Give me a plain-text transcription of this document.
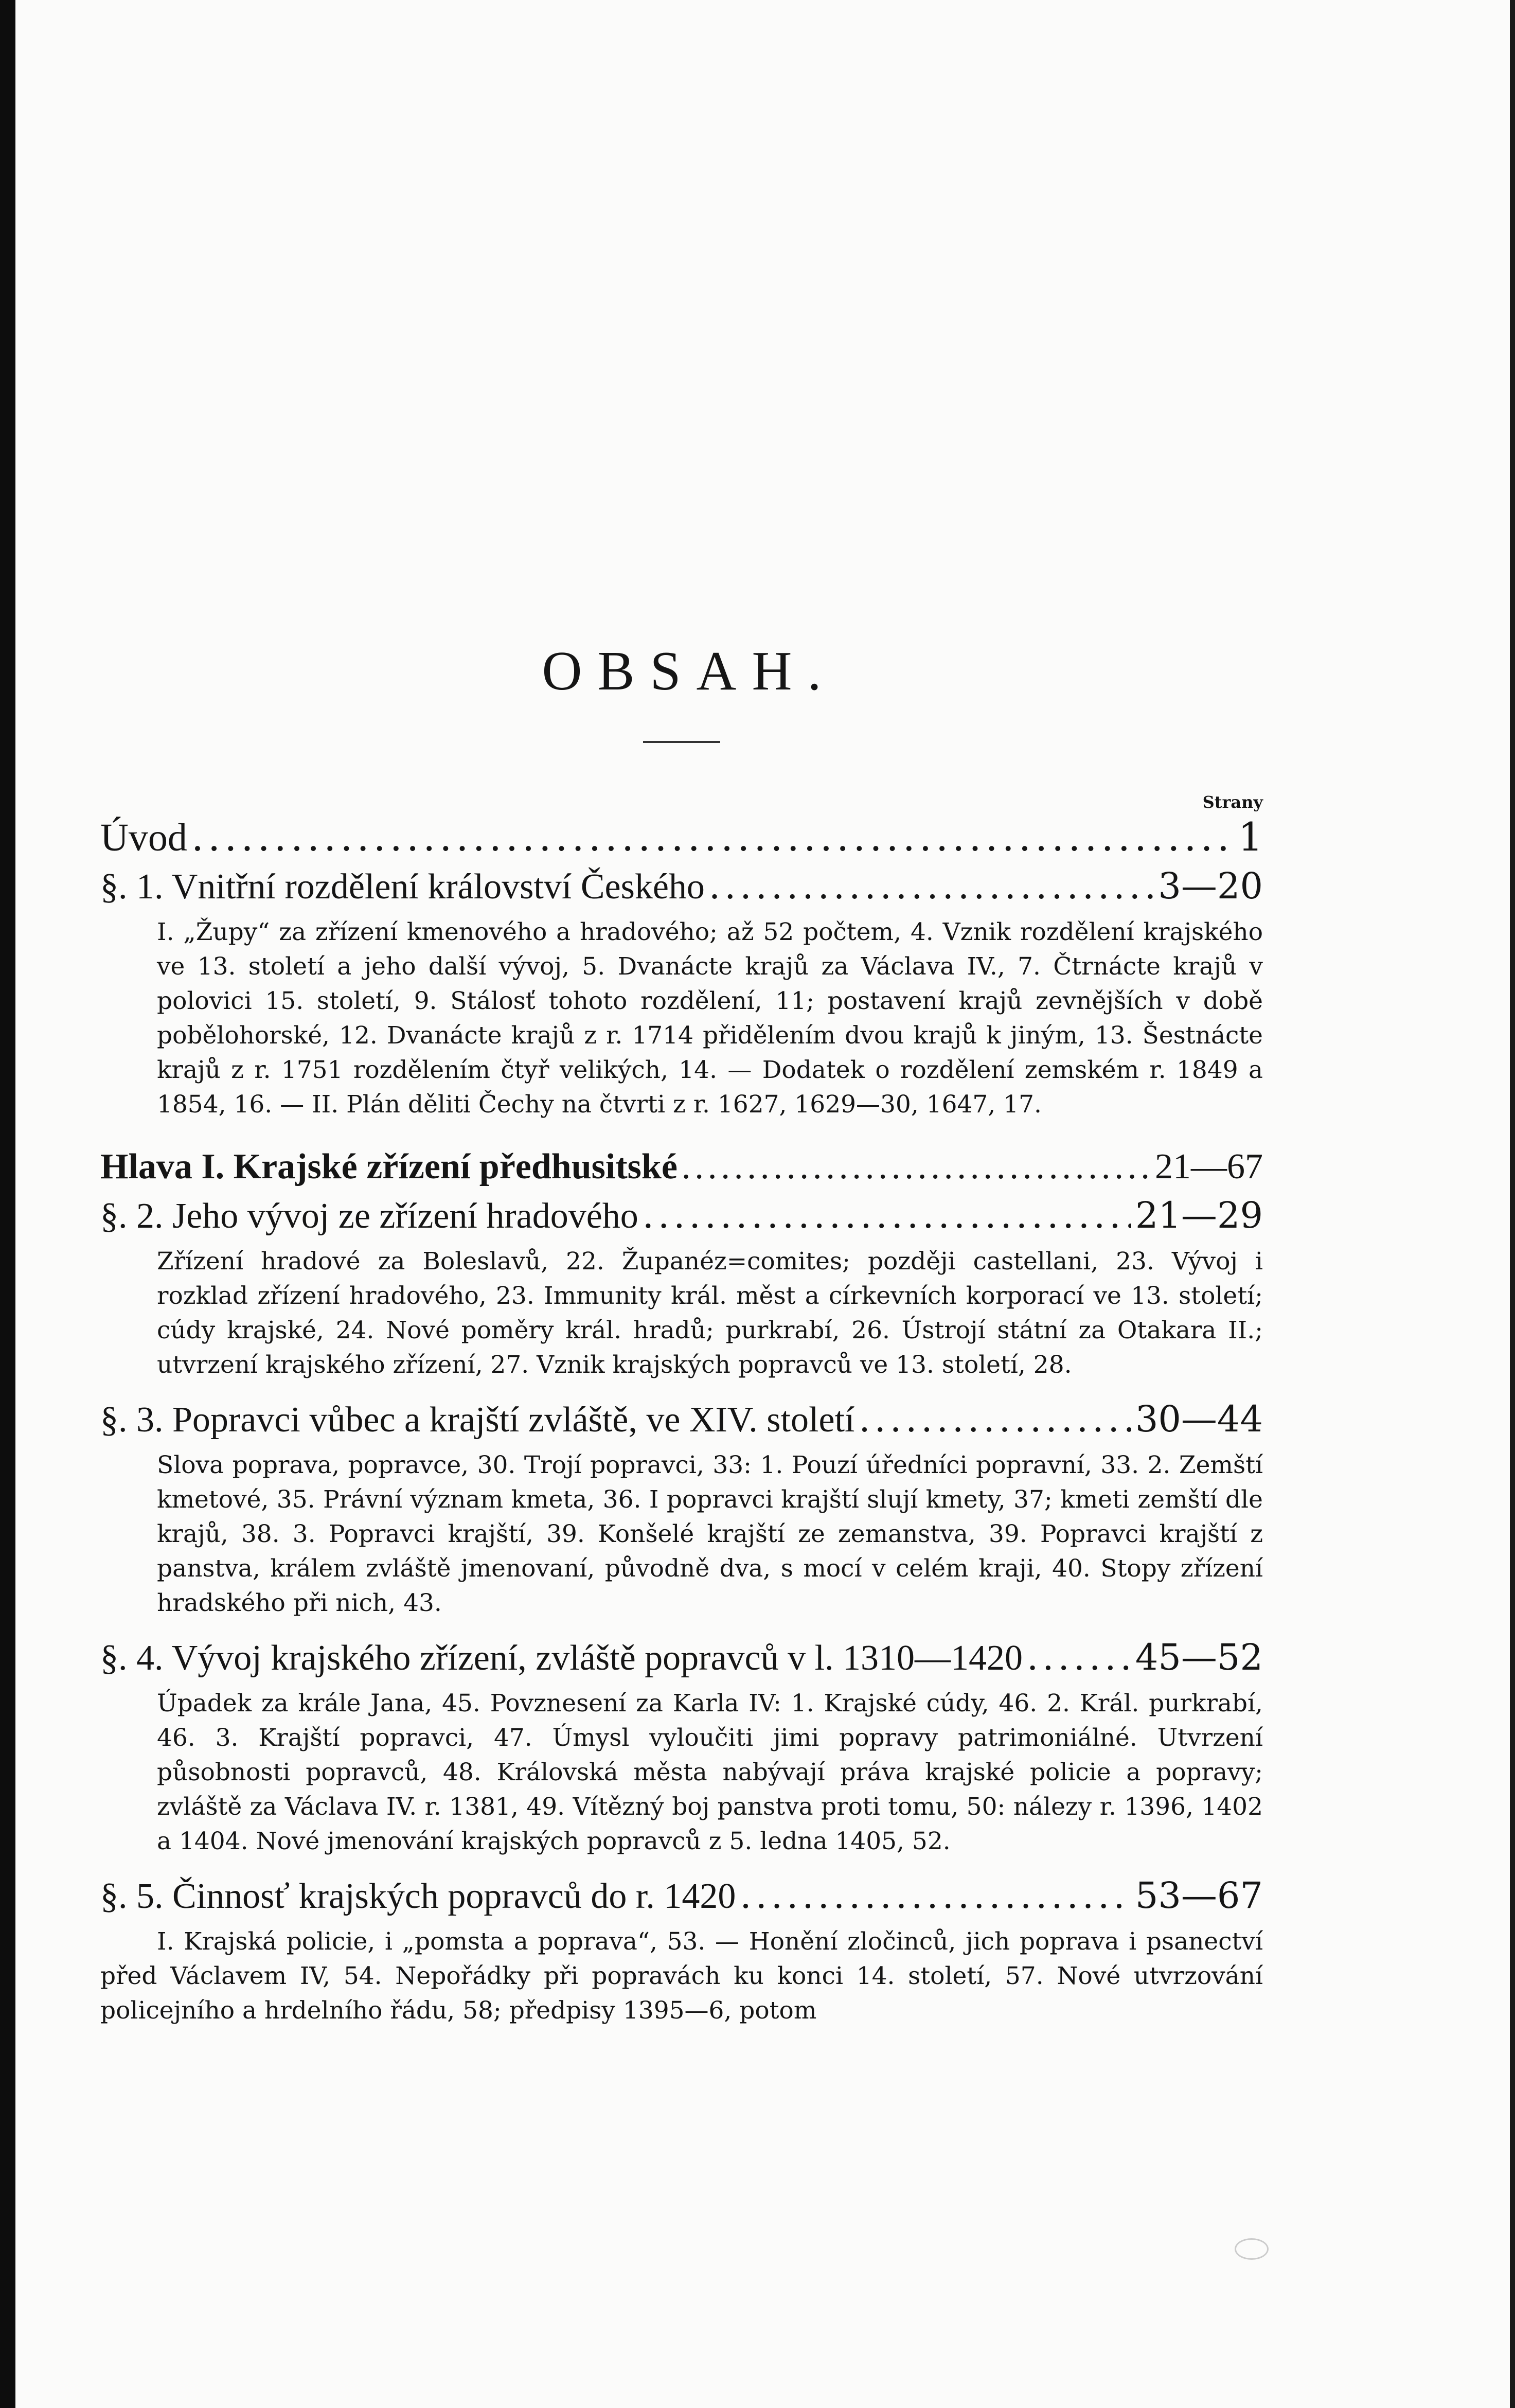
OBSAH.
Strany
Úvod .....	1
§. 1. Vnitřní rozdělení království Českého .....	3—20

I. „Župy“ za zřízení kmenového a hradového; až 52 počtem, 4. Vznik rozdělení krajského ve 13. století a jeho další vývoj, 5. Dvanácte krajů za Václava IV., 7. Čtrnácte krajů v polovici 15. století, 9. Stálosť tohoto rozdělení, 11; postavení krajů zevnějších v době pobělohorské, 12. Dvanácte krajů z r. 1714 přidělením dvou krajů k jiným, 13. Šestnácte krajů z r. 1751 rozdělením čtyř velikých, 14. — Dodatek o rozdělení zemském r. 1849 a 1854, 16. — II. Plán děliti Čechy na čtvrti z r. 1627, 1629—30, 1647, 17.

Hlava I. Krajské zřízení předhusitské .....	21—67
§. 2. Jeho vývoj ze zřízení hradového .....	21—29

Zřízení hradové za Boleslavů, 22. Županéz=comites; později castellani, 23. Vývoj i rozklad zřízení hradového, 23. Immunity král. měst a církevních korporací ve 13. století; cúdy krajské, 24. Nové poměry král. hradů; purkrabí, 26. Ústrojí státní za Otakara II.; utvrzení krajského zřízení, 27. Vznik krajských popravců ve 13. století, 28.

§. 3. Popravci vůbec a krajští zvláště, ve XIV. století .....	30—44

Slova poprava, popravce, 30. Trojí popravci, 33: 1. Pouzí úředníci popravní, 33. 2. Zemští kmetové, 35. Právní význam kmeta, 36. I popravci krajští slují kmety, 37; kmeti zemští dle krajů, 38. 3. Popravci krajští, 39. Konšelé krajští ze zemanstva, 39. Popravci krajští z panstva, králem zvláště jmenovaní, původně dva, s mocí v celém kraji, 40. Stopy zřízení hradského při nich, 43.

§. 4. Vývoj krajského zřízení, zvláště popravců v l. 1310—1420 .....	45—52

Úpadek za krále Jana, 45. Povznesení za Karla IV: 1. Krajské cúdy, 46. 2. Král. purkrabí, 46. 3. Krajští popravci, 47. Úmysl vyloučiti jimi popravy patrimoniálné. Utvrzení působnosti popravců, 48. Královská města nabývají práva krajské policie a popravy; zvláště za Václava IV. r. 1381, 49. Vítězný boj panstva proti tomu, 50: nálezy r. 1396, 1402 a 1404. Nové jmenování krajských popravců z 5. ledna 1405, 52.

§. 5. Činnosť krajských popravců do r. 1420 .....	53—67

I. Krajská policie, i „pomsta a poprava“, 53. — Honění zločinců, jich poprava i psanectví před Václavem IV, 54. Nepořádky při popravách ku konci 14. století, 57. Nové utvrzování policejního a hrdelního řádu, 58; předpisy 1395—6, potom
